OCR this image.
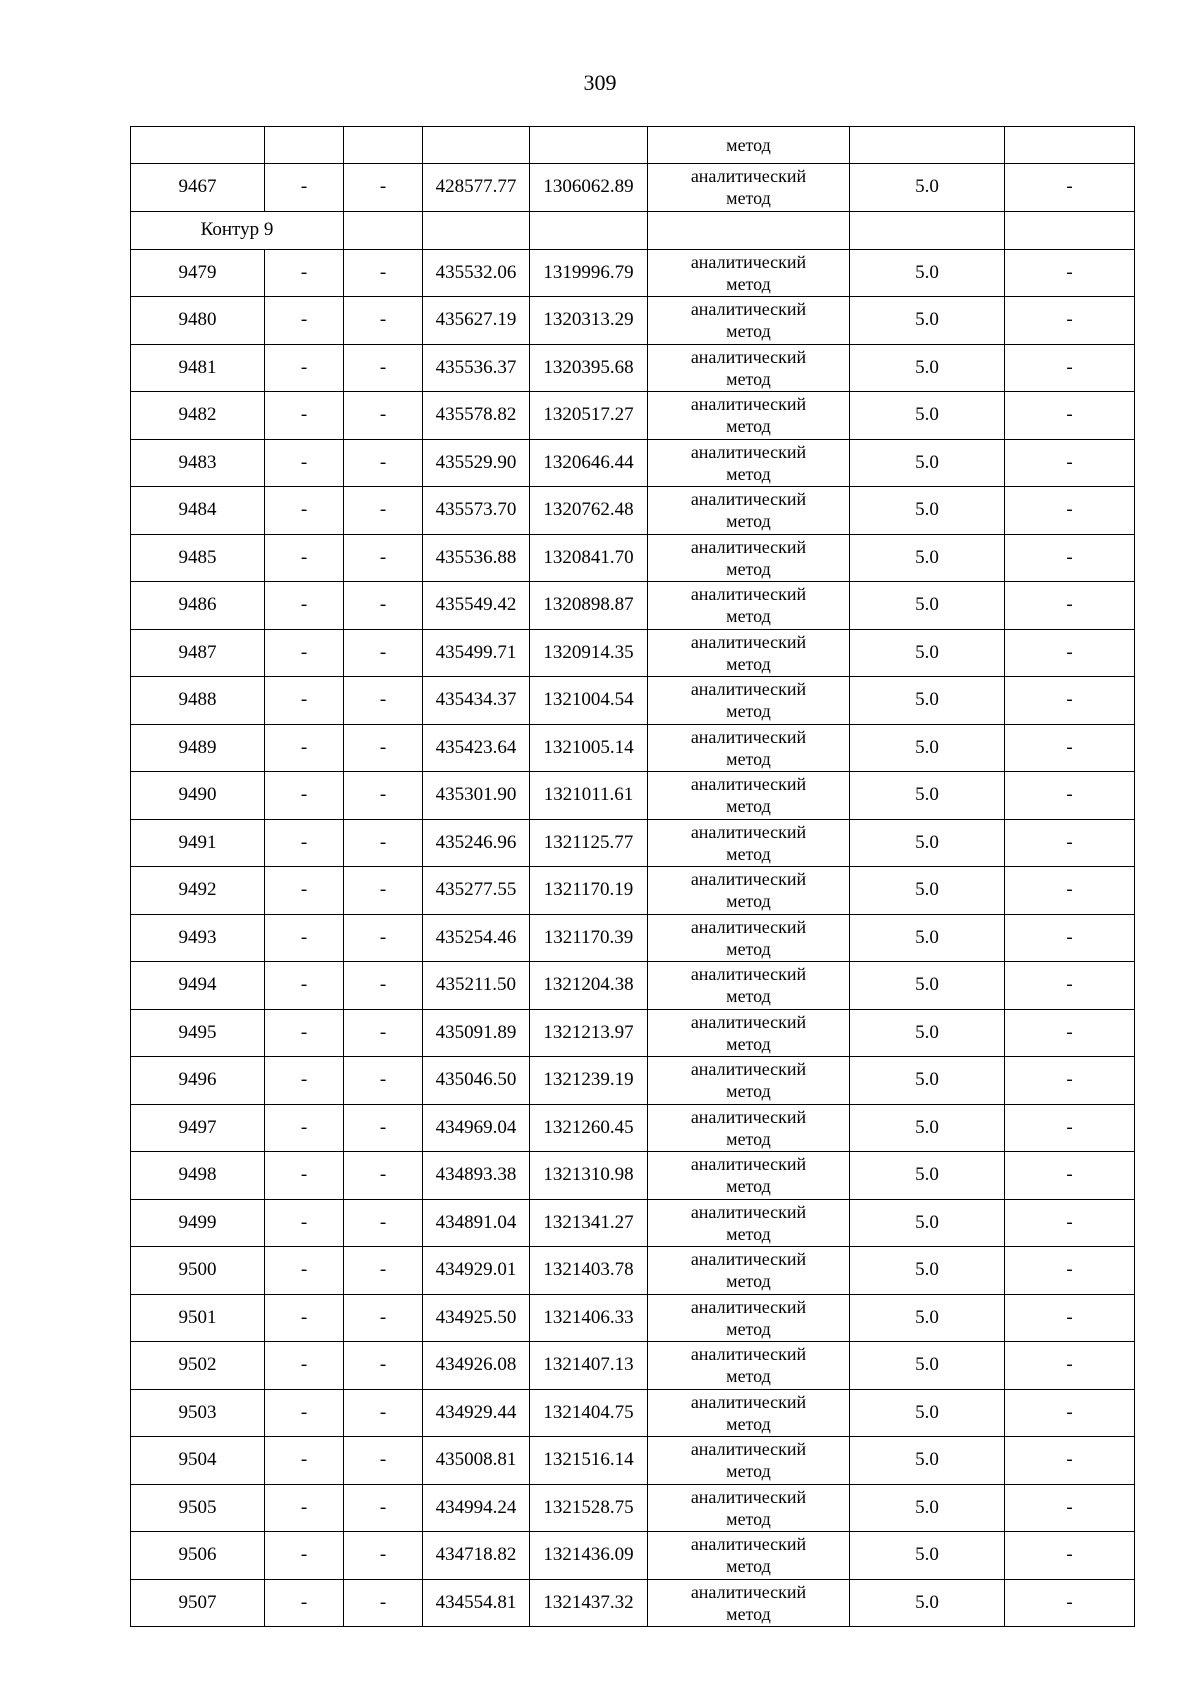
309
					метод		
9467	-	-	428577.77	1306062.89	аналитический
метод	5.0	-
Контур 9							
9479	-	-	435532.06	1319996.79	аналитический
метод	5.0	-
9480	-	-	435627.19	1320313.29	аналитический
метод	5.0	-
9481	-	-	435536.37	1320395.68	аналитический
метод	5.0	-
9482	-	-	435578.82	1320517.27	аналитический
метод	5.0	-
9483	-	-	435529.90	1320646.44	аналитический
метод	5.0	-
9484	-	-	435573.70	1320762.48	аналитический
метод	5.0	-
9485	-	-	435536.88	1320841.70	аналитический
метод	5.0	-
9486	-	-	435549.42	1320898.87	аналитический
метод	5.0	-
9487	-	-	435499.71	1320914.35	аналитический
метод	5.0	-
9488	-	-	435434.37	1321004.54	аналитический
метод	5.0	-
9489	-	-	435423.64	1321005.14	аналитический
метод	5.0	-
9490	-	-	435301.90	1321011.61	аналитический
метод	5.0	-
9491	-	-	435246.96	1321125.77	аналитический
метод	5.0	-
9492	-	-	435277.55	1321170.19	аналитический
метод	5.0	-
9493	-	-	435254.46	1321170.39	аналитический
метод	5.0	-
9494	-	-	435211.50	1321204.38	аналитический
метод	5.0	-
9495	-	-	435091.89	1321213.97	аналитический
метод	5.0	-
9496	-	-	435046.50	1321239.19	аналитический
метод	5.0	-
9497	-	-	434969.04	1321260.45	аналитический
метод	5.0	-
9498	-	-	434893.38	1321310.98	аналитический
метод	5.0	-
9499	-	-	434891.04	1321341.27	аналитический
метод	5.0	-
9500	-	-	434929.01	1321403.78	аналитический
метод	5.0	-
9501	-	-	434925.50	1321406.33	аналитический
метод	5.0	-
9502	-	-	434926.08	1321407.13	аналитический
метод	5.0	-
9503	-	-	434929.44	1321404.75	аналитический
метод	5.0	-
9504	-	-	435008.81	1321516.14	аналитический
метод	5.0	-
9505	-	-	434994.24	1321528.75	аналитический
метод	5.0	-
9506	-	-	434718.82	1321436.09	аналитический
метод	5.0	-
9507	-	-	434554.81	1321437.32	аналитический
метод	5.0	-
